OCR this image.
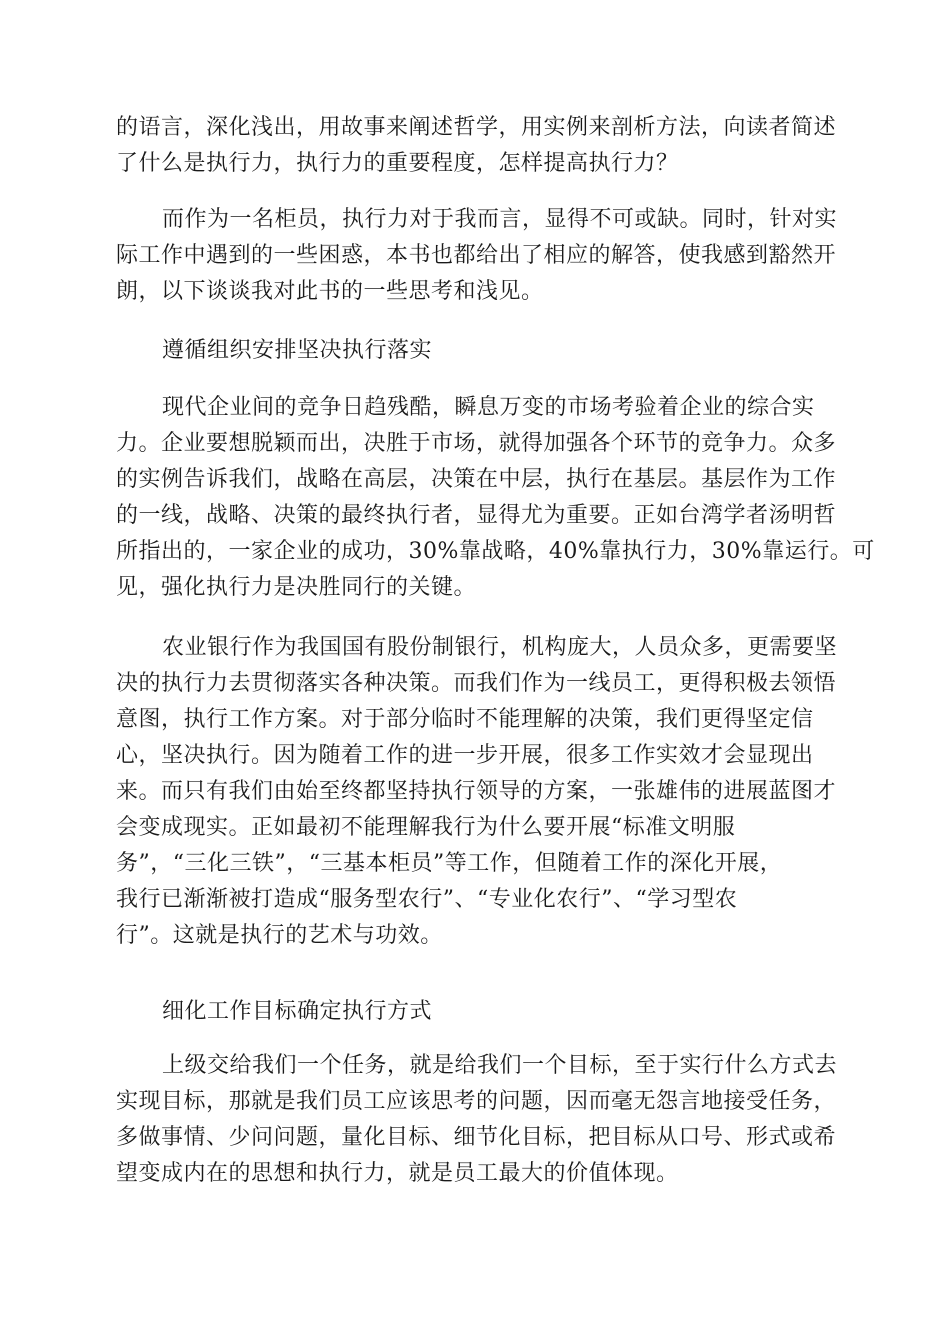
的语言，深化浅出，用故事来阐述哲学，用实例来剖析方法，向读者简述
了什么是执行力，执行力的重要程度，怎样提高执行力？
而作为一名柜员，执行力对于我而言，显得不可或缺。同时，针对实
际工作中遇到的一些困惑，本书也都给出了相应的解答，使我感到豁然开
朗，以下谈谈我对此书的一些思考和浅见。
遵循组织安排坚决执行落实
现代企业间的竞争日趋残酷，瞬息万变的市场考验着企业的综合实
力。企业要想脱颖而出，决胜于市场，就得加强各个环节的竞争力。众多
的实例告诉我们，战略在高层，决策在中层，执行在基层。基层作为工作
的一线，战略、决策的最终执行者，显得尤为重要。正如台湾学者汤明哲
所指出的，一家企业的成功，30%靠战略，40%靠执行力，30%靠运行。可
见，强化执行力是决胜同行的关键。
农业银行作为我国国有股份制银行，机构庞大，人员众多，更需要坚
决的执行力去贯彻落实各种决策。而我们作为一线员工，更得积极去领悟
意图，执行工作方案。对于部分临时不能理解的决策，我们更得坚定信
心，坚决执行。因为随着工作的进一步开展，很多工作实效才会显现出
来。而只有我们由始至终都坚持执行领导的方案，一张雄伟的进展蓝图才
会变成现实。正如最初不能理解我行为什么要开展“标准文明服
务”，“三化三铁”，“三基本柜员”等工作，但随着工作的深化开展，
我行已渐渐被打造成“服务型农行”、“专业化农行”、“学习型农
行”。这就是执行的艺术与功效。
细化工作目标确定执行方式
上级交给我们一个任务，就是给我们一个目标，至于实行什么方式去
实现目标，那就是我们员工应该思考的问题，因而毫无怨言地接受任务，
多做事情、少问问题，量化目标、细节化目标，把目标从口号、形式或希
望变成内在的思想和执行力，就是员工最大的价值体现。
